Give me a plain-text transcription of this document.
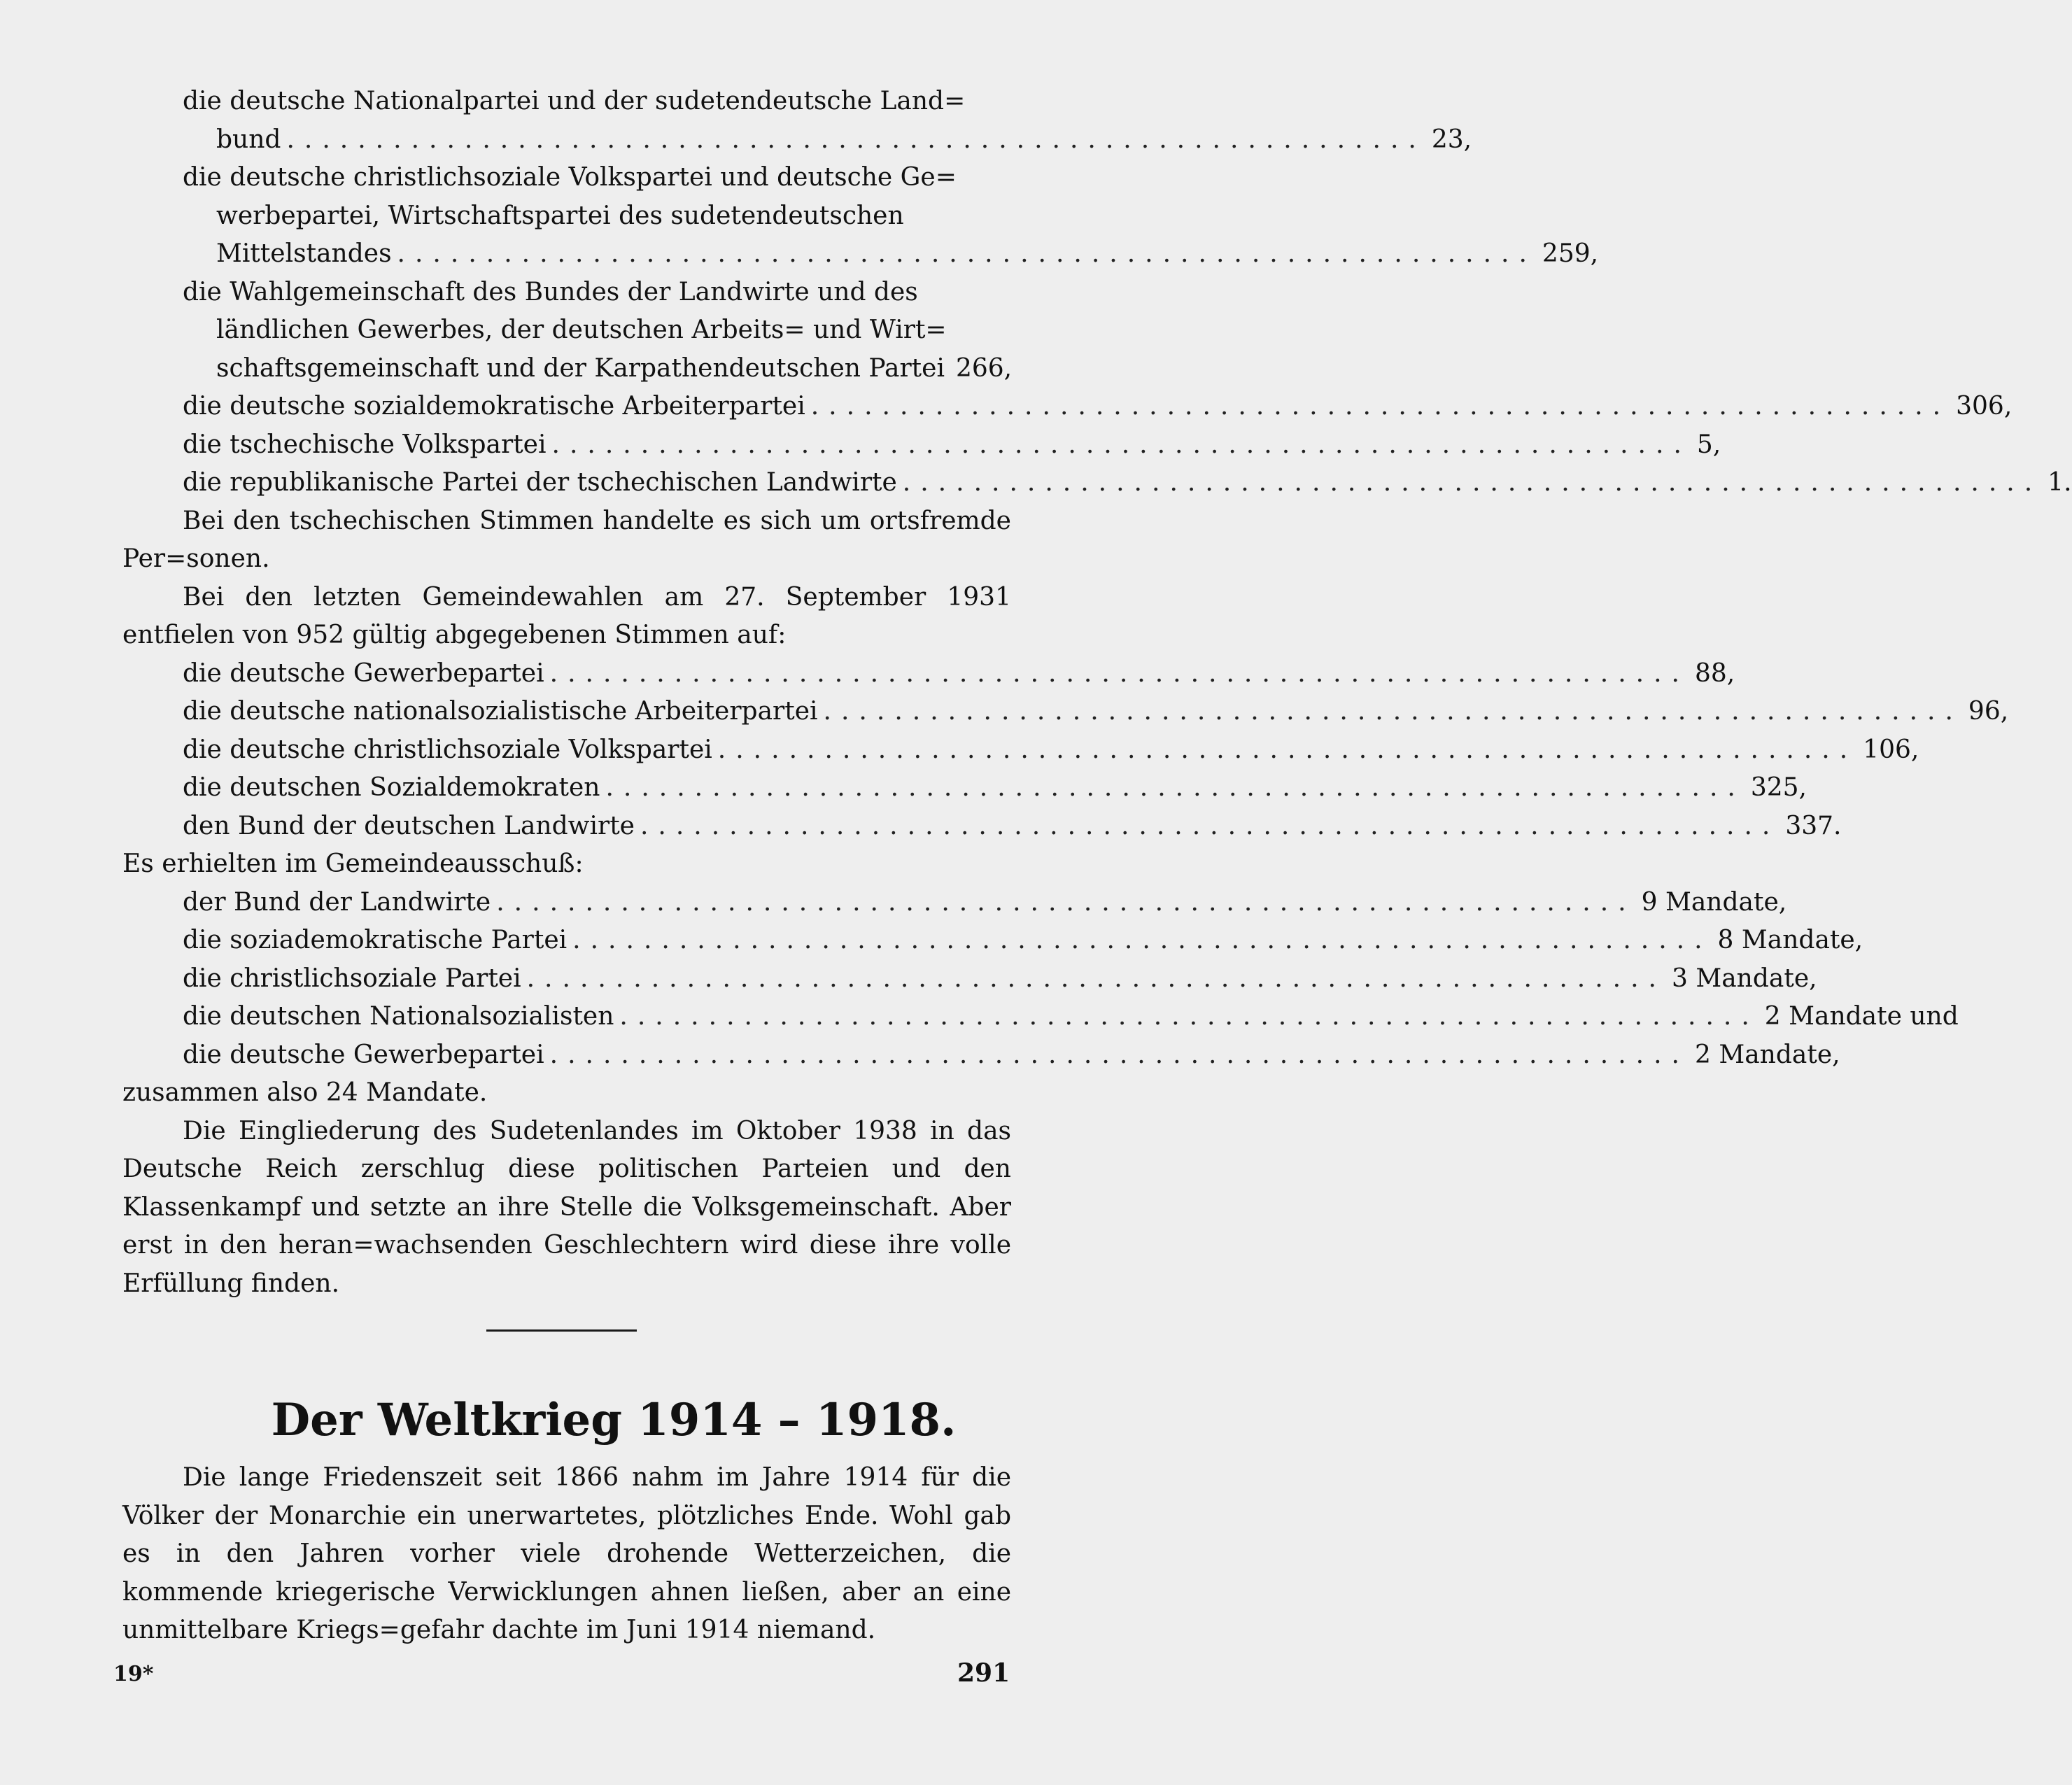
die deutsche Nationalpartei und der sudetendeutsche Land=
bund ................................................................ 23,
die deutsche christlichsoziale Volkspartei und deutsche Ge=
werbepartei, Wirtschaftspartei des sudetendeutschen
Mittelstandes ................................................................ 259,
die Wahlgemeinschaft des Bundes der Landwirte und des
ländlichen Gewerbes, der deutschen Arbeits= und Wirt=
schaftsgemeinschaft und der Karpathendeutschen Partei 266,
die deutsche sozialdemokratische Arbeiterpartei ................................................................ 306,
die tschechische Volkspartei ................................................................ 5,
die republikanische Partei der tschechischen Landwirte ................................................................ 1.

Bei den tschechischen Stimmen handelte es sich um ortsfremde Per=sonen.

Bei den letzten Gemeindewahlen am 27. September 1931 entfielen von 952 gültig abgegebenen Stimmen auf:

die deutsche Gewerbepartei ................................................................ 88,
die deutsche nationalsozialistische Arbeiterpartei ................................................................ 96,
die deutsche christlichsoziale Volkspartei ................................................................ 106,
die deutschen Sozialdemokraten ................................................................ 325,
den Bund der deutschen Landwirte ................................................................ 337.

Es erhielten im Gemeindeausschuß:

der Bund der Landwirte ................................................................ 9 Mandate,
die soziademokratische Partei ................................................................ 8 Mandate,
die christlichsoziale Partei ................................................................ 3 Mandate,
die deutschen Nationalsozialisten ................................................................ 2 Mandate und
die deutsche Gewerbepartei ................................................................ 2 Mandate,

zusammen also 24 Mandate.

Die Eingliederung des Sudetenlandes im Oktober 1938 in das Deutsche Reich zerschlug diese politischen Parteien und den Klassenkampf und setzte an ihre Stelle die Volksgemeinschaft. Aber erst in den heran=wachsenden Geschlechtern wird diese ihre volle Erfüllung finden.

Der Weltkrieg 1914 – 1918.

Die lange Friedenszeit seit 1866 nahm im Jahre 1914 für die Völker der Monarchie ein unerwartetes, plötzliches Ende. Wohl gab es in den Jahren vorher viele drohende Wetterzeichen, die kommende kriegerische Verwicklungen ahnen ließen, aber an eine unmittelbare Kriegs=gefahr dachte im Juni 1914 niemand.

19*	291
